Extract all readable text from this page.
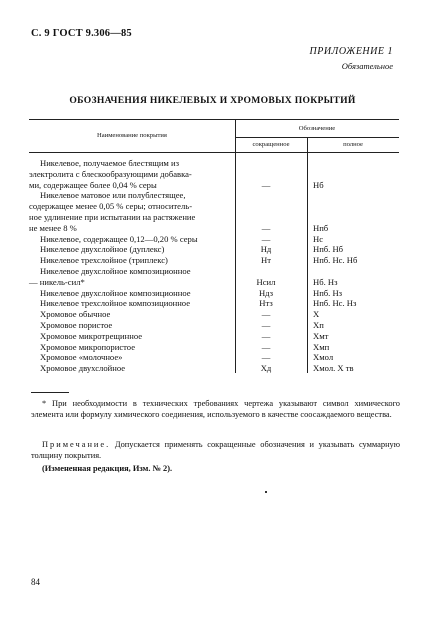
С. 9 ГОСТ 9.306—85
ПРИЛОЖЕНИЕ 1
Обязательное
ОБОЗНАЧЕНИЯ НИКЕЛЕВЫХ И ХРОМОВЫХ ПОКРЫТИЙ
Наименование покрытия
Обозначение
сокращенное	полное
Никелевое, получаемое блестящим из
электролита с блескообразующими добавка-
ми, содержащее более 0,04 % серы	—	Нб
Никелевое матовое или полублестящее,
содержащее менее 0,05 % серы; относитель-
ное удлинение при испытании на растяжение
не менее 8 %	—	Нпб
Никелевое, содержащее 0,12—0,20 % серы	—	Нс
Никелевое двухслойное (дуплекс)	Нд	Нпб. Нб
Никелевое трехслойное (триплекс)	Нт	Нпб. Нс. Нб
Никелевое двухслойное композиционное
— никель-сил*	Нсил	Нб. Нз
Никелевое двухслойное композиционное	Ндз	Нпб. Нз
Никелевое трехслойное композиционное	Нтз	Нпб. Нс. Нз
Хромовое обычное	—	Х
Хромовое пористое	—	Хп
Хромовое микротрещинное	—	Хмт
Хромовое микропористое	—	Хмп
Хромовое «молочное»	—	Хмол
Хромовое двухслойное	Хд	Хмол. Х тв
* При необходимости в технических требованиях чертежа указывают символ химического элемента или формулу химического соединения, используемого в качестве соосаждаемого вещества.
Примечание. Допускается применять сокращенные обозначения и указывать суммарную толщину покрытия.
(Измененная редакция, Изм. № 2).
84
